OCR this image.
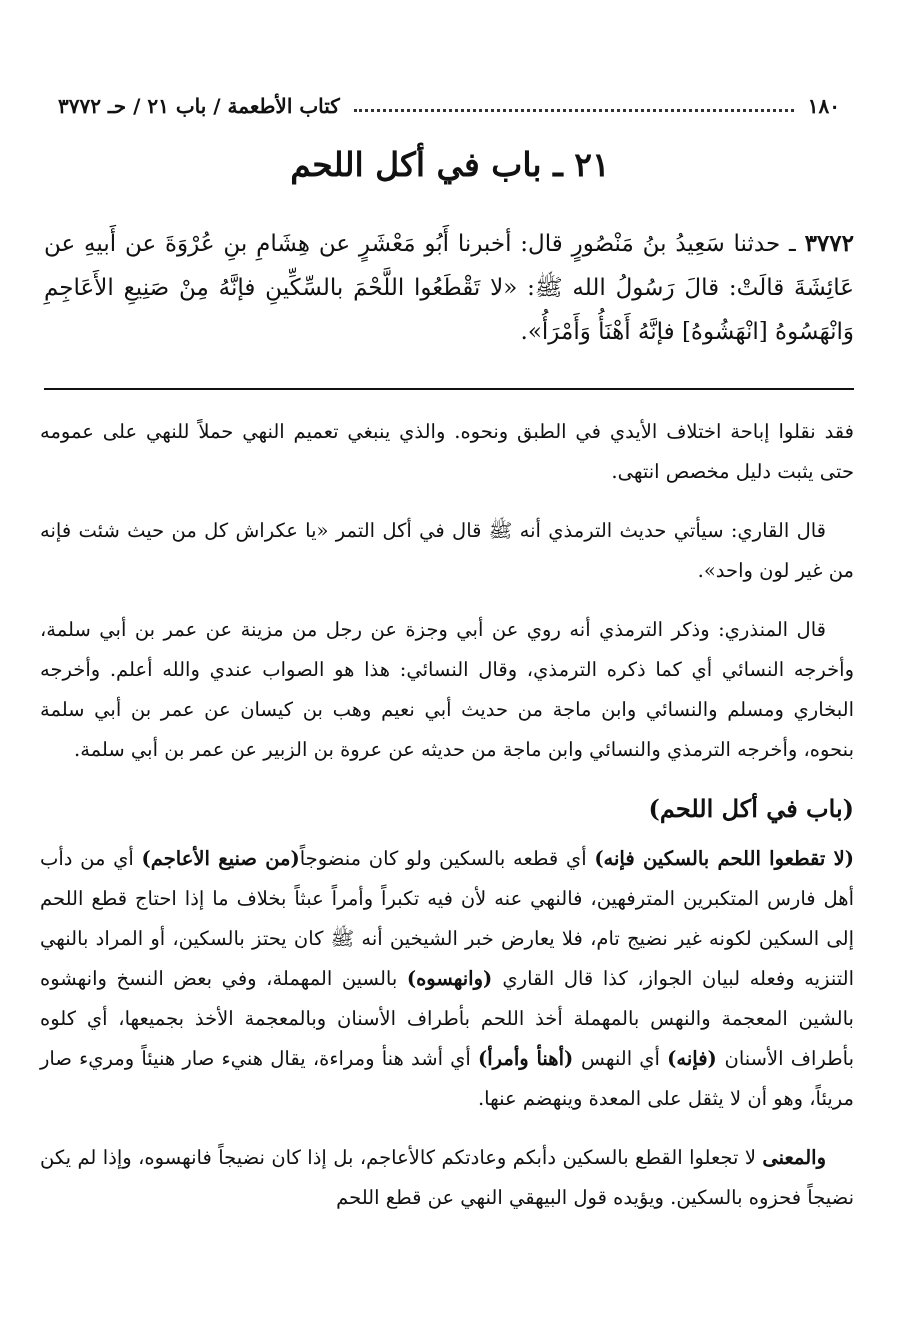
١٨٠
كتاب الأطعمة / باب ٢١ / حـ ٣٧٧٢
٢١ ـ باب في أكل اللحم
٣٧٧٢ ـ حدثنا سَعِيدُ بنُ مَنْصُورٍ قال: أخبرنا أَبُو مَعْشَرٍ عن هِشَامِ بنِ عُرْوَةَ عن أَبيهِ عن عَائِشَةَ قالَتْ: قالَ رَسُولُ الله ﷺ: «لا تَقْطَعُوا اللَّحْمَ بالسِّكِّينِ فإنَّهُ مِنْ صَنِيعِ الأَعَاجِمِ وَانْهَسُوهُ [انْهَشُوهُ] فإنَّهُ أَهْنَأُ وَأَمْرَأُ».

فقد نقلوا إباحة اختلاف الأيدي في الطبق ونحوه. والذي ينبغي تعميم النهي حملاً للنهي على عمومه حتى يثبت دليل مخصص انتهى.

قال القاري: سيأتي حديث الترمذي أنه ﷺ قال في أكل التمر «يا عكراش كل من حيث شئت فإنه من غير لون واحد».

قال المنذري: وذكر الترمذي أنه روي عن أبي وجزة عن رجل من مزينة عن عمر بن أبي سلمة، وأخرجه النسائي أي كما ذكره الترمذي، وقال النسائي: هذا هو الصواب عندي والله أعلم. وأخرجه البخاري ومسلم والنسائي وابن ماجة من حديث أبي نعيم وهب بن كيسان عن عمر بن أبي سلمة بنحوه، وأخرجه الترمذي والنسائي وابن ماجة من حديثه عن عروة بن الزبير عن عمر بن أبي سلمة.

(باب في أكل اللحم)

(لا تقطعوا اللحم بالسكين فإنه) أي قطعه بالسكين ولو كان منضوجاً(من صنيع الأعاجم) أي من دأب أهل فارس المتكبرين المترفهين، فالنهي عنه لأن فيه تكبراً وأمراً عبثاً بخلاف ما إذا احتاج قطع اللحم إلى السكين لكونه غير نضيج تام، فلا يعارض خبر الشيخين أنه ﷺ كان يحتز بالسكين، أو المراد بالنهي التنزيه وفعله لبيان الجواز، كذا قال القاري (وانهسوه) بالسين المهملة، وفي بعض النسخ وانهشوه بالشين المعجمة والنهس بالمهملة أخذ اللحم بأطراف الأسنان وبالمعجمة الأخذ بجميعها، أي كلوه بأطراف الأسنان (فإنه) أي النهس (أهنأ وأمرأ) أي أشد هنأ ومراءة، يقال هنيء صار هنيئاً ومريء صار مريئاً، وهو أن لا يثقل على المعدة وينهضم عنها.

والمعنى لا تجعلوا القطع بالسكين دأبكم وعادتكم كالأعاجم، بل إذا كان نضيجاً فانهسوه، وإذا لم يكن نضيجاً فحزوه بالسكين. ويؤيده قول البيهقي النهي عن قطع اللحم
